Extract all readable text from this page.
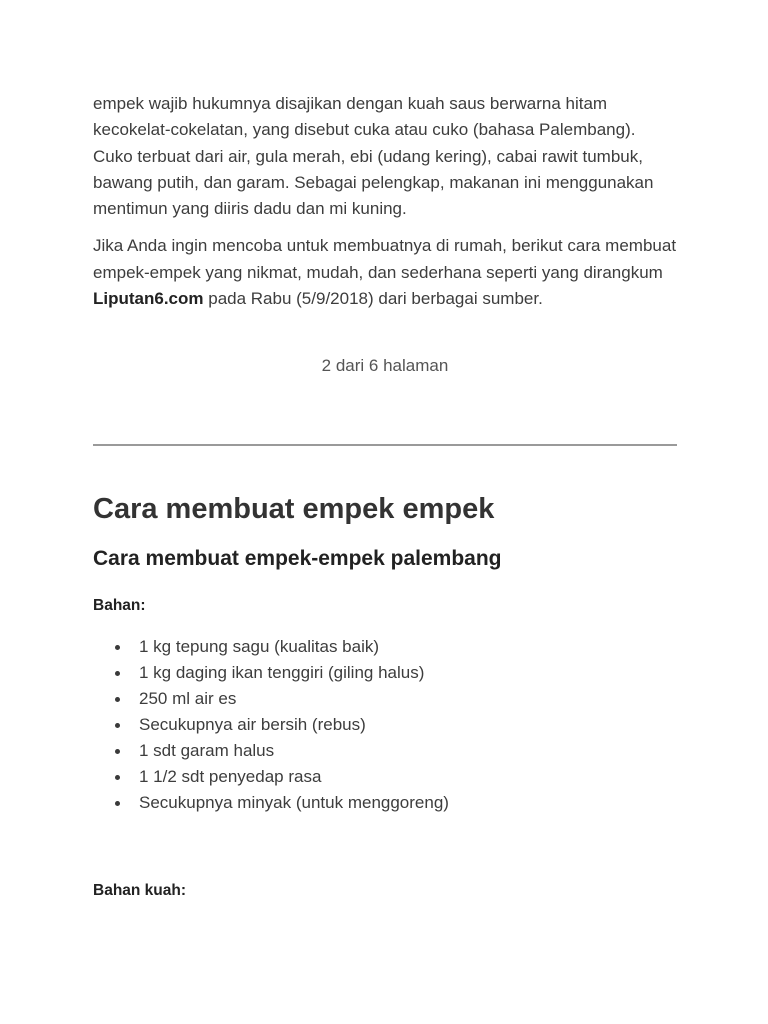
empek wajib hukumnya disajikan dengan kuah saus berwarna hitam kecokelat-cokelatan, yang disebut cuka atau cuko (bahasa Palembang). Cuko terbuat dari air, gula merah, ebi (udang kering), cabai rawit tumbuk, bawang putih, dan garam. Sebagai pelengkap, makanan ini menggunakan mentimun yang diiris dadu dan mi kuning.

Jika Anda ingin mencoba untuk membuatnya di rumah, berikut cara membuat empek-empek yang nikmat, mudah, dan sederhana seperti yang dirangkum Liputan6.com pada Rabu (5/9/2018) dari berbagai sumber.

2 dari 6 halaman

Cara membuat empek empek
Cara membuat empek-empek palembang

Bahan:

1 kg tepung sagu (kualitas baik)
1 kg daging ikan tenggiri (giling halus)
250 ml air es
Secukupnya air bersih (rebus)
1 sdt garam halus
1 1/2 sdt penyedap rasa
Secukupnya minyak (untuk menggoreng)

Bahan kuah:
